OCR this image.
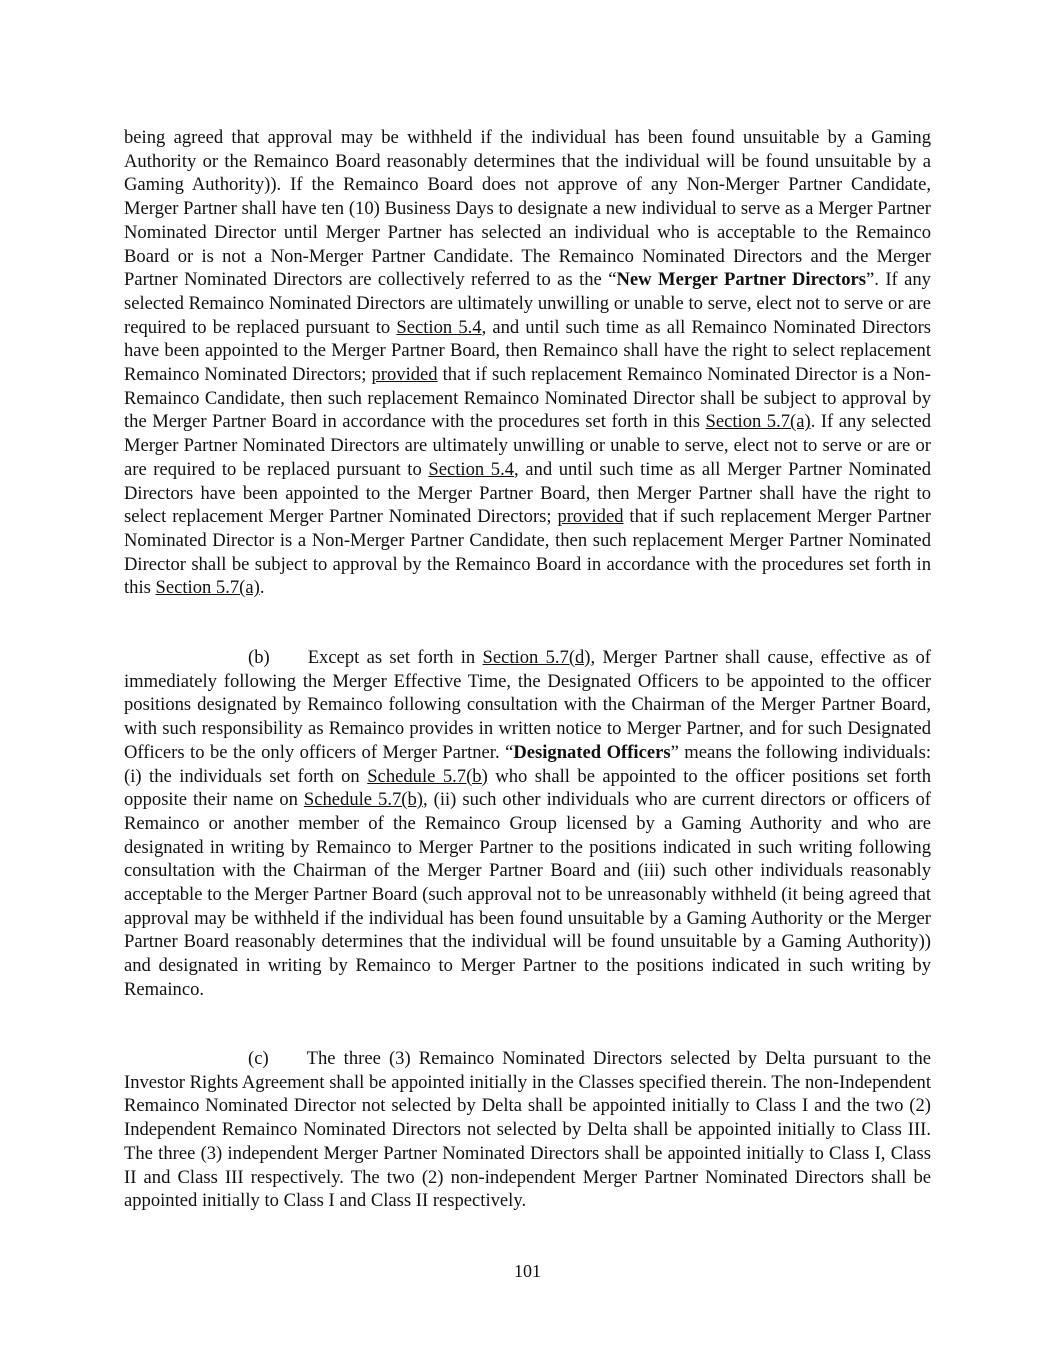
being agreed that approval may be withheld if the individual has been found unsuitable by a Gaming Authority or the Remainco Board reasonably determines that the individual will be found unsuitable by a Gaming Authority)). If the Remainco Board does not approve of any Non-Merger Partner Candidate, Merger Partner shall have ten (10) Business Days to designate a new individual to serve as a Merger Partner Nominated Director until Merger Partner has selected an individual who is acceptable to the Remainco Board or is not a Non-Merger Partner Candidate. The Remainco Nominated Directors and the Merger Partner Nominated Directors are collectively referred to as the “New Merger Partner Directors”. If any selected Remainco Nominated Directors are ultimately unwilling or unable to serve, elect not to serve or are required to be replaced pursuant to Section 5.4, and until such time as all Remainco Nominated Directors have been appointed to the Merger Partner Board, then Remainco shall have the right to select replacement Remainco Nominated Directors; provided that if such replacement Remainco Nominated Director is a Non-Remainco Candidate, then such replacement Remainco Nominated Director shall be subject to approval by the Merger Partner Board in accordance with the procedures set forth in this Section 5.7(a). If any selected Merger Partner Nominated Directors are ultimately unwilling or unable to serve, elect not to serve or are or are required to be replaced pursuant to Section 5.4, and until such time as all Merger Partner Nominated Directors have been appointed to the Merger Partner Board, then Merger Partner shall have the right to select replacement Merger Partner Nominated Directors; provided that if such replacement Merger Partner Nominated Director is a Non-Merger Partner Candidate, then such replacement Merger Partner Nominated Director shall be subject to approval by the Remainco Board in accordance with the procedures set forth in this Section 5.7(a).

(b) Except as set forth in Section 5.7(d), Merger Partner shall cause, effective as of immediately following the Merger Effective Time, the Designated Officers to be appointed to the officer positions designated by Remainco following consultation with the Chairman of the Merger Partner Board, with such responsibility as Remainco provides in written notice to Merger Partner, and for such Designated Officers to be the only officers of Merger Partner. “Designated Officers” means the following individuals: (i) the individuals set forth on Schedule 5.7(b) who shall be appointed to the officer positions set forth opposite their name on Schedule 5.7(b), (ii) such other individuals who are current directors or officers of Remainco or another member of the Remainco Group licensed by a Gaming Authority and who are designated in writing by Remainco to Merger Partner to the positions indicated in such writing following consultation with the Chairman of the Merger Partner Board and (iii) such other individuals reasonably acceptable to the Merger Partner Board (such approval not to be unreasonably withheld (it being agreed that approval may be withheld if the individual has been found unsuitable by a Gaming Authority or the Merger Partner Board reasonably determines that the individual will be found unsuitable by a Gaming Authority)) and designated in writing by Remainco to Merger Partner to the positions indicated in such writing by Remainco.

(c) The three (3) Remainco Nominated Directors selected by Delta pursuant to the Investor Rights Agreement shall be appointed initially in the Classes specified therein. The non-Independent Remainco Nominated Director not selected by Delta shall be appointed initially to Class I and the two (2) Independent Remainco Nominated Directors not selected by Delta shall be appointed initially to Class III. The three (3) independent Merger Partner Nominated Directors shall be appointed initially to Class I, Class II and Class III respectively. The two (2) non-independent Merger Partner Nominated Directors shall be appointed initially to Class I and Class II respectively.

101
